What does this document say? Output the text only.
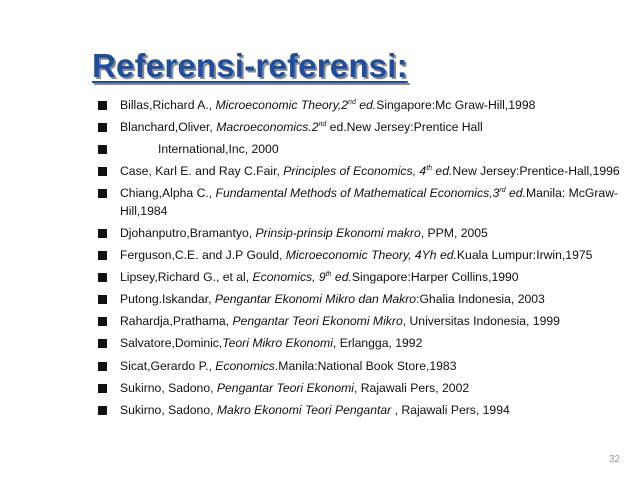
Referensi-referensi:
Billas,Richard A., Microeconomic Theory,2nd ed.Singapore:Mc Graw-Hill,1998
Blanchard,Oliver, Macroeconomics.2nd ed.New Jersey:Prentice Hall
International,Inc, 2000
Case, Karl E. and Ray C.Fair, Principles of Economics, 4th ed.New Jersey:Prentice-Hall,1996
Chiang,Alpha C., Fundamental Methods of Mathematical Economics,3rd ed.Manila: McGraw-Hill,1984
Djohanputro,Bramantyo, Prinsip-prinsip Ekonomi makro, PPM, 2005
Ferguson,C.E. and J.P Gould, Microeconomic Theory, 4Yh ed.Kuala Lumpur:Irwin,1975
Lipsey,Richard G., et al, Economics, 9th ed.Singapore:Harper Collins,1990
Putong.Iskandar, Pengantar Ekonomi Mikro dan Makro:Ghalia Indonesia, 2003
Rahardja,Prathama, Pengantar Teori Ekonomi Mikro, Universitas Indonesia, 1999
Salvatore,Dominic,Teori Mikro Ekonomi, Erlangga, 1992
Sicat,Gerardo P., Economics.Manila:National Book Store,1983
Sukirno, Sadono, Pengantar Teori Ekonomi, Rajawali Pers, 2002
Sukirno, Sadono, Makro Ekonomi Teori Pengantar , Rajawali Pers, 1994
32
